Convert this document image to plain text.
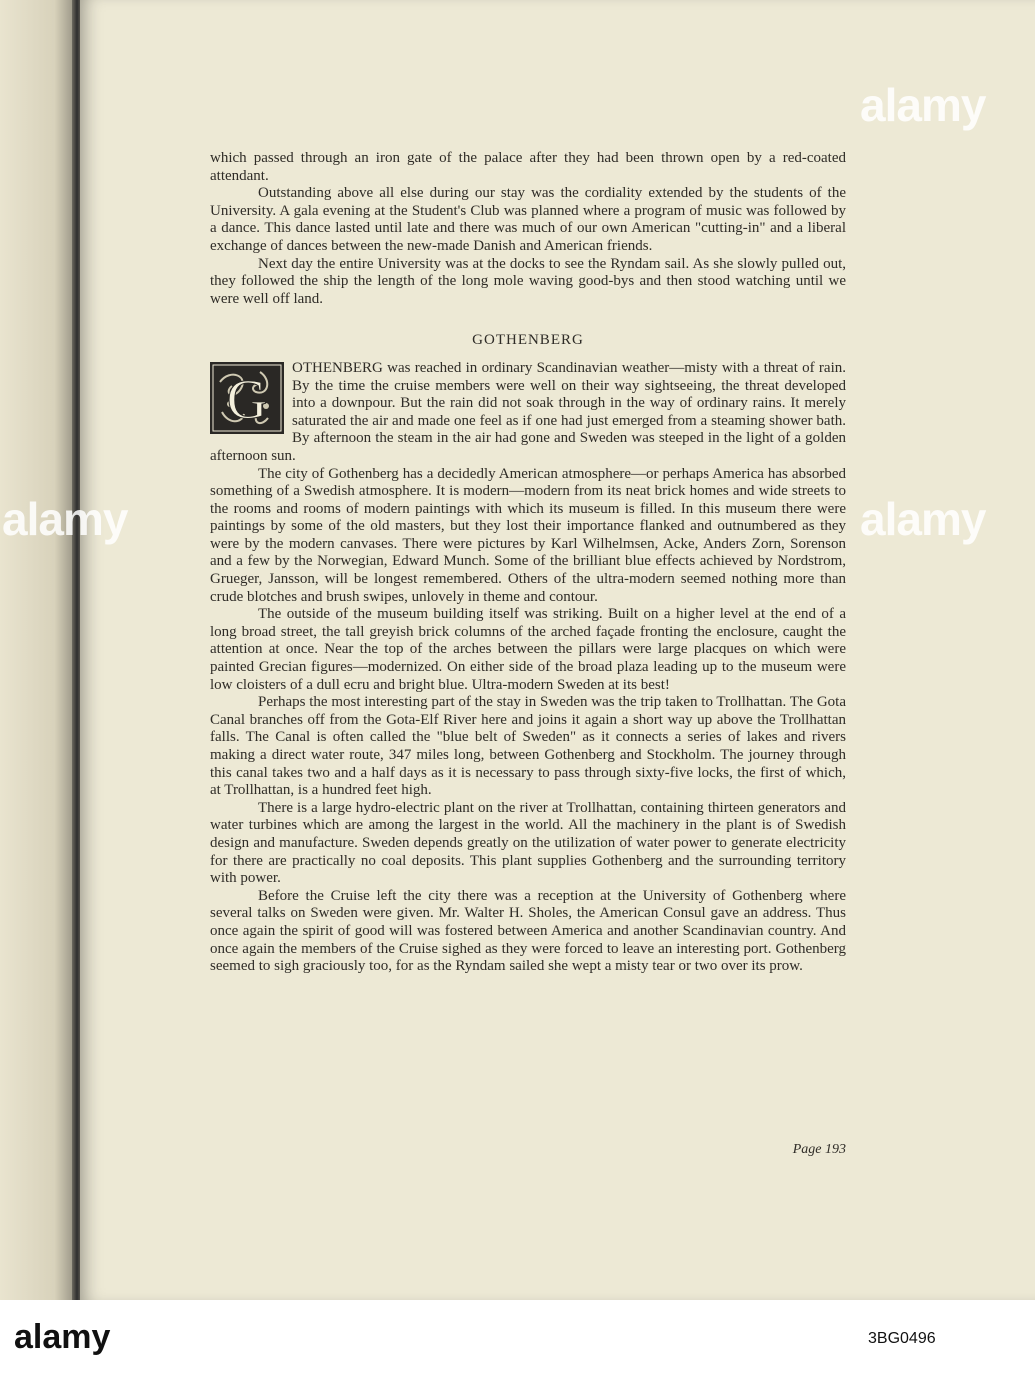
which passed through an iron gate of the palace after they had been thrown open by a red-coated attendant.

Outstanding above all else during our stay was the cordiality extended by the students of the University. A gala evening at the Student's Club was planned where a program of music was followed by a dance. This dance lasted until late and there was much of our own American "cutting-in" and a liberal exchange of dances between the new-made Danish and American friends.

Next day the entire University was at the docks to see the Ryndam sail. As she slowly pulled out, they followed the ship the length of the long mole waving good-bys and then stood watching until we were well off land.

GOTHENBERG

G
OTHENBERG was reached in ordinary Scandinavian weather—misty with a threat of rain. By the time the cruise members were well on their way sightseeing, the threat developed into a downpour. But the rain did not soak through in the way of ordinary rains. It merely saturated the air and made one feel as if one had just emerged from a steaming shower bath. By afternoon the steam in the air had gone and Sweden was steeped in the light of a golden afternoon sun.

The city of Gothenberg has a decidedly American atmosphere—or perhaps America has absorbed something of a Swedish atmosphere. It is modern—modern from its neat brick homes and wide streets to the rooms and rooms of modern paintings with which its museum is filled. In this museum there were paintings by some of the old masters, but they lost their importance flanked and outnumbered as they were by the modern canvases. There were pictures by Karl Wilhelmsen, Acke, Anders Zorn, Sorenson and a few by the Norwegian, Edward Munch. Some of the brilliant blue effects achieved by Nordstrom, Grueger, Jansson, will be longest remembered. Others of the ultra-modern seemed nothing more than crude blotches and brush swipes, unlovely in theme and contour.

The outside of the museum building itself was striking. Built on a higher level at the end of a long broad street, the tall greyish brick columns of the arched façade fronting the enclosure, caught the attention at once. Near the top of the arches between the pillars were large placques on which were painted Grecian figures—modernized. On either side of the broad plaza leading up to the museum were low cloisters of a dull ecru and bright blue. Ultra-modern Sweden at its best!

Perhaps the most interesting part of the stay in Sweden was the trip taken to Trollhattan. The Gota Canal branches off from the Gota-Elf River here and joins it again a short way up above the Trollhattan falls. The Canal is often called the "blue belt of Sweden" as it connects a series of lakes and rivers making a direct water route, 347 miles long, between Gothenberg and Stockholm. The journey through this canal takes two and a half days as it is necessary to pass through sixty-five locks, the first of which, at Trollhattan, is a hundred feet high.

There is a large hydro-electric plant on the river at Trollhattan, containing thirteen generators and water turbines which are among the largest in the world. All the machinery in the plant is of Swedish design and manufacture. Sweden depends greatly on the utilization of water power to generate electricity for there are practically no coal deposits. This plant supplies Gothenberg and the surrounding territory with power.

Before the Cruise left the city there was a reception at the University of Gothenberg where several talks on Sweden were given. Mr. Walter H. Sholes, the American Consul gave an address. Thus once again the spirit of good will was fostered between America and another Scandinavian country. And once again the members of the Cruise sighed as they were forced to leave an interesting port. Gothenberg seemed to sigh graciously too, for as the Ryndam sailed she wept a misty tear or two over its prow.

Page 193
alamy
alamy	alamy
alamy	3BG0496
